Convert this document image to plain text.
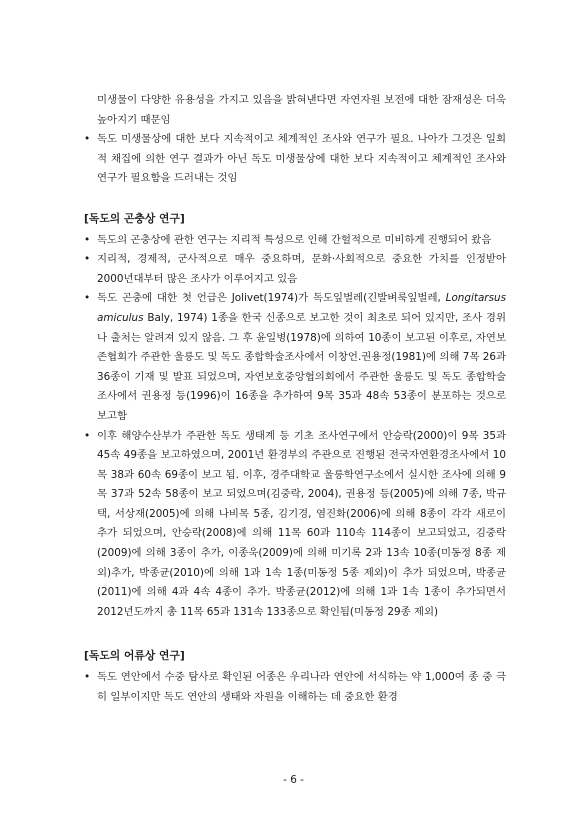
미생물이 다양한 유용성을 가지고 있음을 밝혀낸다면 자연자원 보전에 대한 잠재성은 더욱 높아지기 때문임

• 독도 미생물상에 대한 보다 지속적이고 체계적인 조사와 연구가 필요. 나아가 그것은 일회적 채집에 의한 연구 결과가 아닌 독도 미생물상에 대한 보다 지속적이고 체계적인 조사와 연구가 필요함을 드러내는 것임
[독도의 곤충상 연구]
• 독도의 곤충상에 관한 연구는 지리적 특성으로 인해 간헐적으로 미비하게 진행되어 왔음
• 지리적, 경제적, 군사적으로 매우 중요하며, 문화·사회적으로 중요한 가치를 인정받아 2000년대부터 많은 조사가 이루어지고 있음
• 독도 곤충에 대한 첫 언급은 Jolivet(1974)가 독도잎벌레(긴발벼룩잎벌레, Longitarsus amiculus Baly, 1974) 1종을 한국 신종으로 보고한 것이 최초로 되어 있지만, 조사 경위나 출처는 알려져 있지 않음. 그 후 윤일병(1978)에 의하여 10종이 보고된 이후로, 자연보존협회가 주관한 울릉도 및 독도 종합학술조사에서 이창언.권용정(1981)에 의해 7목 26과 36종이 기재 및 발표 되었으며, 자연보호중앙협의회에서 주관한 울릉도 및 독도 종합학술조사에서 권용정 등(1996)이 16종을 추가하여 9목 35과 48속 53종이 분포하는 것으로 보고함
• 이후 해양수산부가 주관한 독도 생태계 등 기초 조사연구에서 안승락(2000)이 9목 35과 45속 49종을 보고하였으며, 2001년 환경부의 주관으로 진행된 전국자연환경조사에서 10목 38과 60속 69종이 보고 됨. 이후, 경주대학교 울릉학연구소에서 실시한 조사에 의해 9목 37과 52속 58종이 보고 되었으며(김중락, 2004), 권용정 등(2005)에 의해 7종, 박규택, 서상재(2005)에 의해 나비목 5종, 김기경, 염진화(2006)에 의해 8종이 각각 새로이 추가 되었으며, 안승락(2008)에 의해 11목 60과 110속 114종이 보고되었고, 김중락(2009)에 의해 3종이 추가, 이종욱(2009)에 의해 미기록 2과 13속 10종(미동정 8종 제외)추가, 박종균(2010)에 의해 1과 1속 1종(미동정 5종 제외)이 추가 되었으며, 박종균(2011)에 의해 4과 4속 4종이 추가. 박종균(2012)에 의해 1과 1속 1종이 추가되면서 2012년도까지 총 11목 65과 131속 133종으로 확인됨(미동정 29종 제외)
[독도의 어류상 연구]
• 독도 연안에서 수중 탐사로 확인된 어종은 우리나라 연안에 서식하는 약 1,000여 종 중 극히 일부이지만 독도 연안의 생태와 자원을 이해하는 데 중요한 환경
- 6 -
